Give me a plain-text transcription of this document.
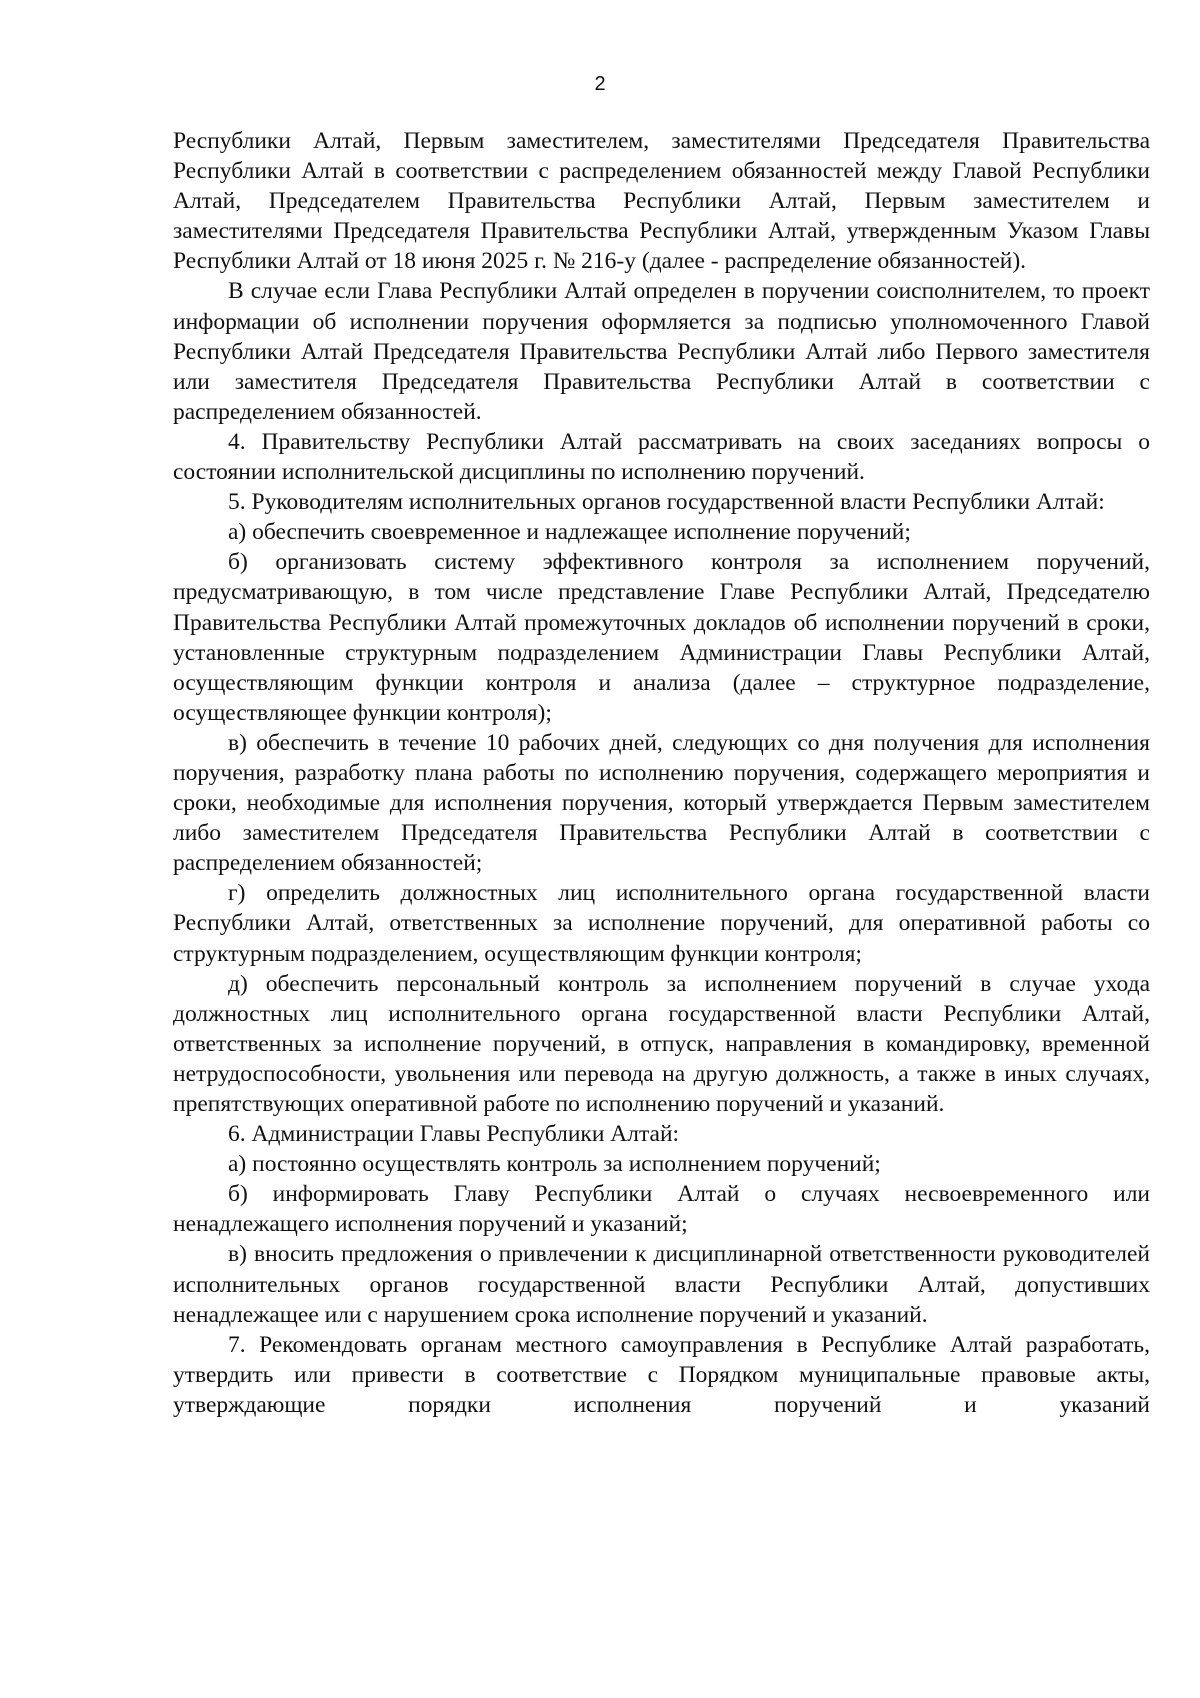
2

Республики Алтай, Первым заместителем, заместителями Председателя Правительства Республики Алтай в соответствии с распределением обязанностей между Главой Республики Алтай, Председателем Правительства Республики Алтай, Первым заместителем и заместителями Председателя Правительства Республики Алтай, утвержденным Указом Главы Республики Алтай от 18 июня 2025 г. № 216-у (далее - распределение обязанностей).

В случае если Глава Республики Алтай определен в поручении соисполнителем, то проект информации об исполнении поручения оформляется за подписью уполномоченного Главой Республики Алтай Председателя Правительства Республики Алтай либо Первого заместителя или заместителя Председателя Правительства Республики Алтай в соответствии с распределением обязанностей.

4. Правительству Республики Алтай рассматривать на своих заседаниях вопросы о состоянии исполнительской дисциплины по исполнению поручений.

5. Руководителям исполнительных органов государственной власти Республики Алтай:

а) обеспечить своевременное и надлежащее исполнение поручений;

б) организовать систему эффективного контроля за исполнением поручений, предусматривающую, в том числе представление Главе Республики Алтай, Председателю Правительства Республики Алтай промежуточных докладов об исполнении поручений в сроки, установленные структурным подразделением Администрации Главы Республики Алтай, осуществляющим функции контроля и анализа (далее – структурное подразделение, осуществляющее функции контроля);

в) обеспечить в течение 10 рабочих дней, следующих со дня получения для исполнения поручения, разработку плана работы по исполнению поручения, содержащего мероприятия и сроки, необходимые для исполнения поручения, который утверждается Первым заместителем либо заместителем Председателя Правительства Республики Алтай в соответствии с распределением обязанностей;

г) определить должностных лиц исполнительного органа государственной власти Республики Алтай, ответственных за исполнение поручений, для оперативной работы со структурным подразделением, осуществляющим функции контроля;

д) обеспечить персональный контроль за исполнением поручений в случае ухода должностных лиц исполнительного органа государственной власти Республики Алтай, ответственных за исполнение поручений, в отпуск, направления в командировку, временной нетрудоспособности, увольнения или перевода на другую должность, а также в иных случаях, препятствующих оперативной работе по исполнению поручений и указаний.

6. Администрации Главы Республики Алтай:

а) постоянно осуществлять контроль за исполнением поручений;

б) информировать Главу Республики Алтай о случаях несвоевременного или ненадлежащего исполнения поручений и указаний;

в) вносить предложения о привлечении к дисциплинарной ответственности руководителей исполнительных органов государственной власти Республики Алтай, допустивших ненадлежащее или с нарушением срока исполнение поручений и указаний.

7. Рекомендовать органам местного самоуправления в Республике Алтай разработать, утвердить или привести в соответствие с Порядком муниципальные правовые акты, утверждающие порядки исполнения поручений и указаний
